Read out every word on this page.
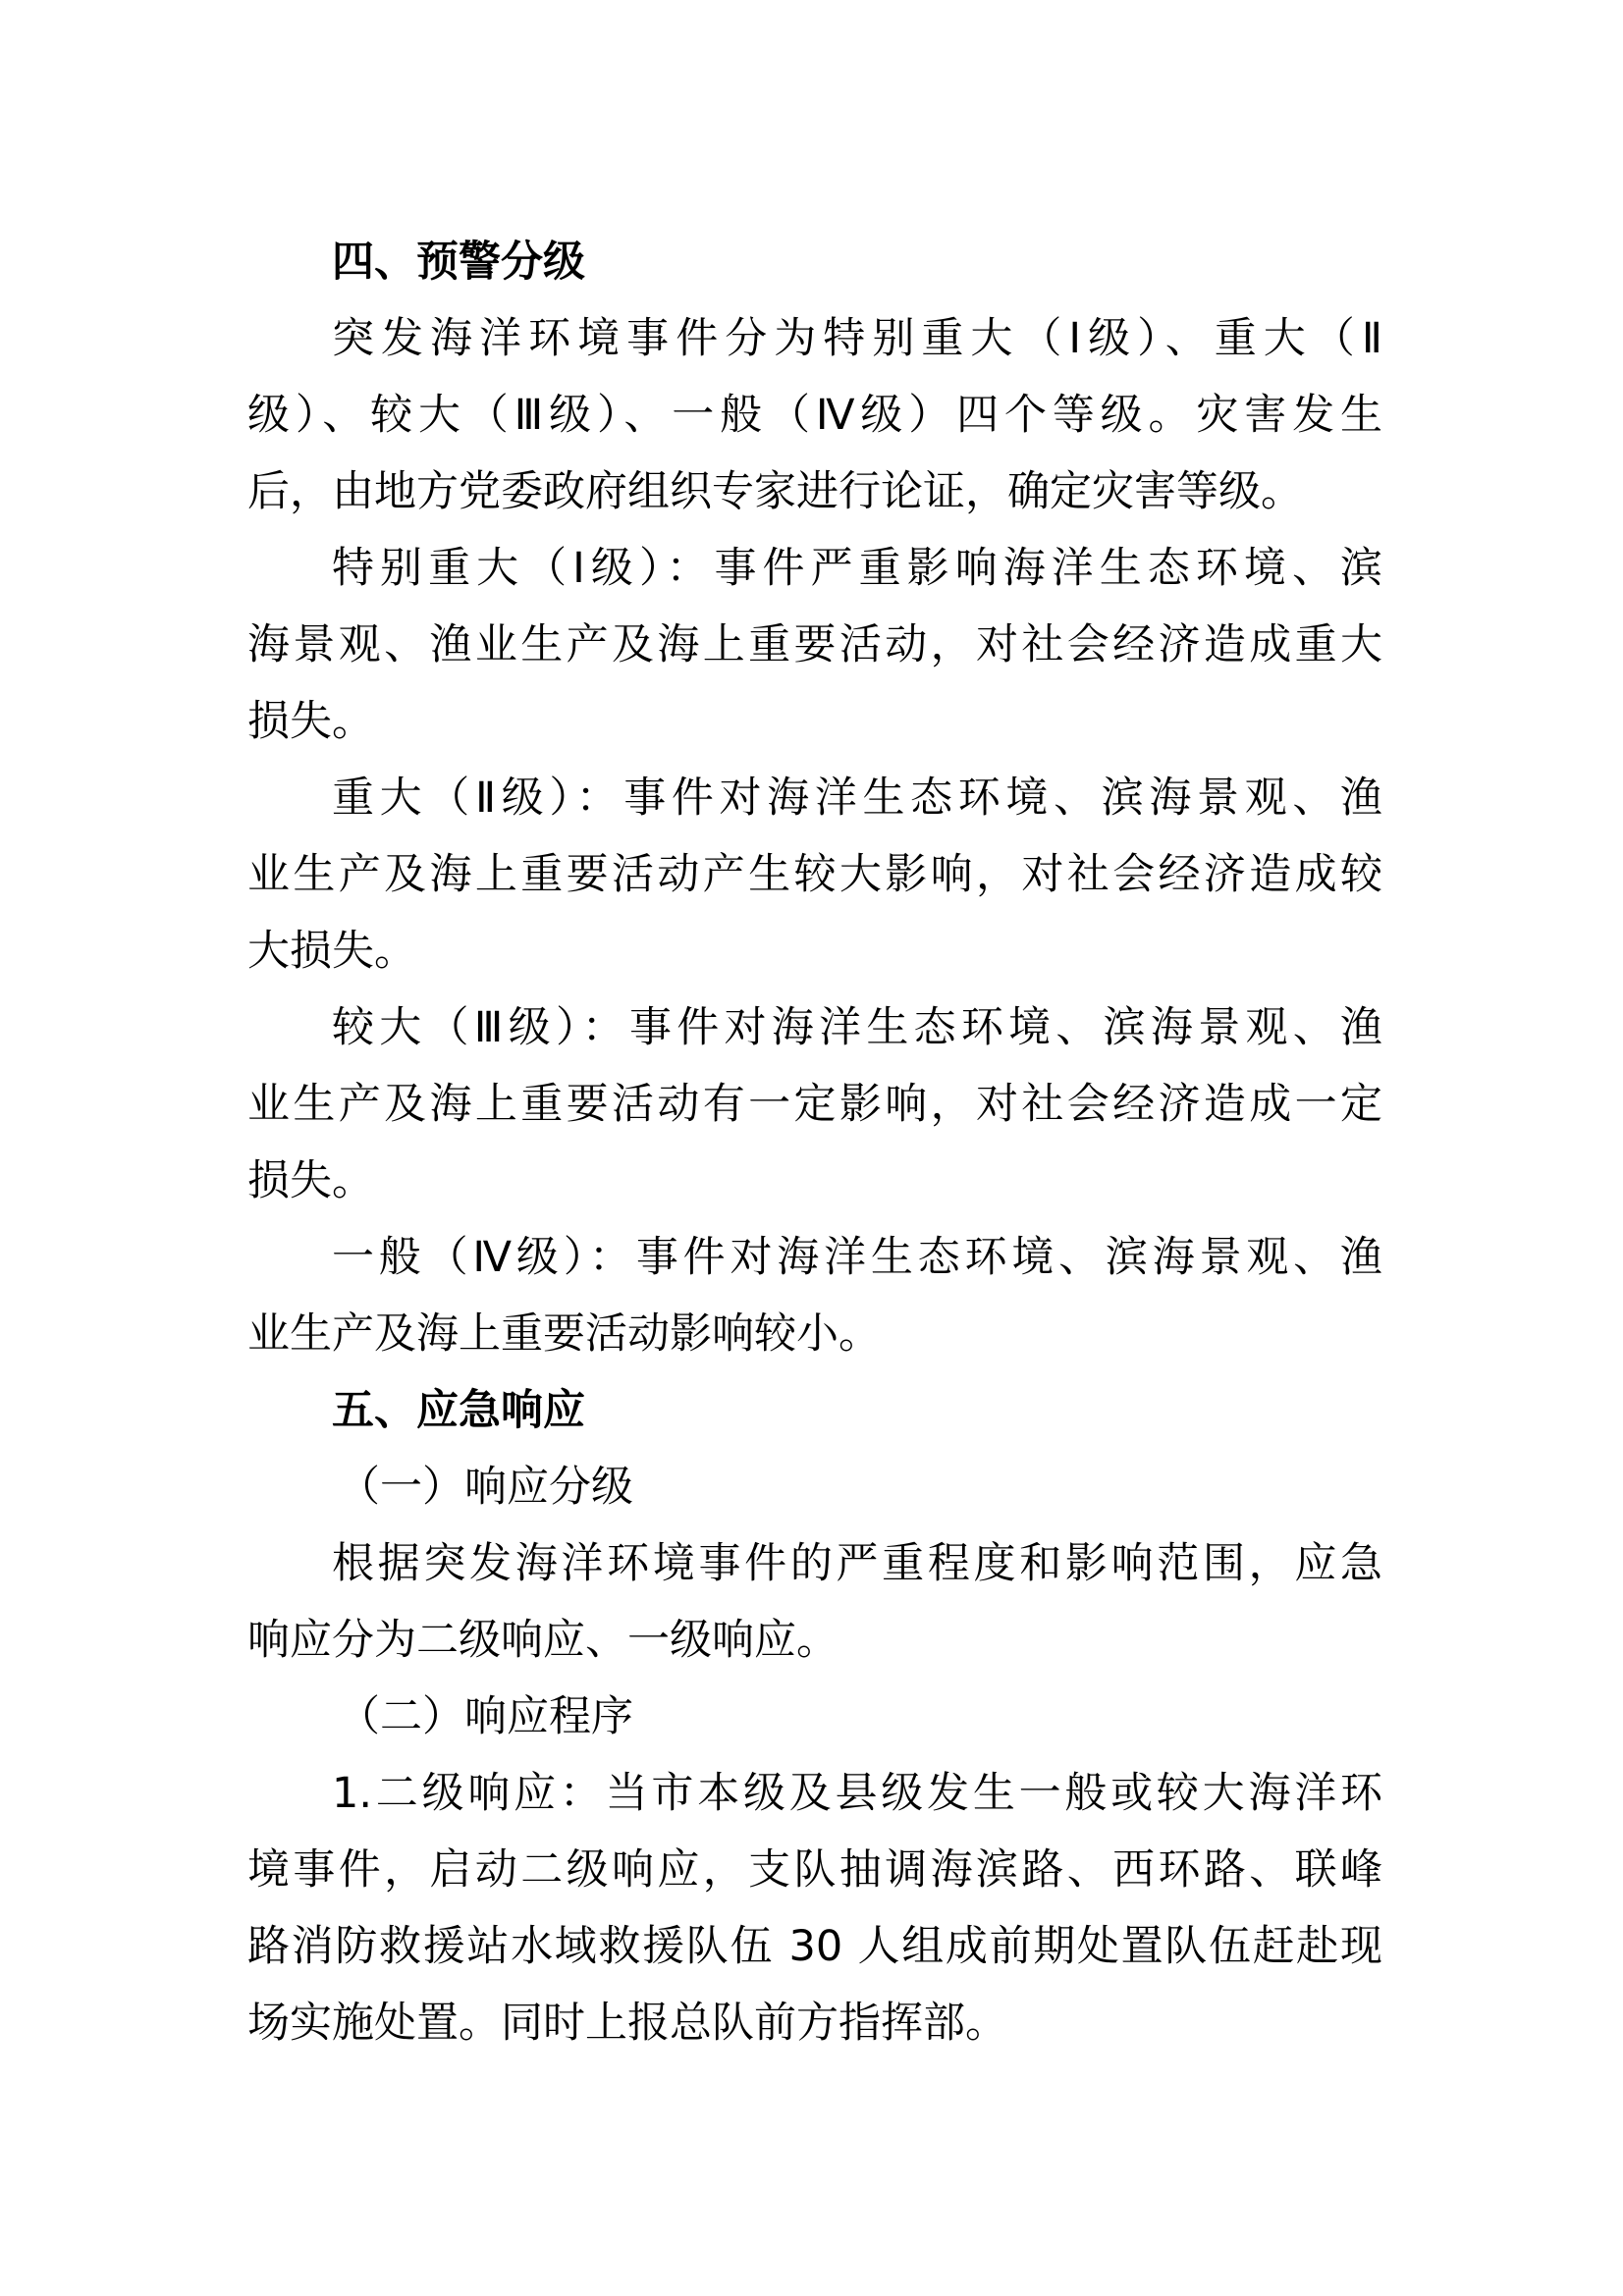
四、预警分级
突发海洋环境事件分为特别重大（Ⅰ级）、重大（Ⅱ
级）、较大（Ⅲ级）、一般（Ⅳ级）四个等级。灾害发生
后，由地方党委政府组织专家进行论证，确定灾害等级。
特别重大（Ⅰ级）：事件严重影响海洋生态环境、滨
海景观、渔业生产及海上重要活动，对社会经济造成重大
损失。
重大（Ⅱ级）：事件对海洋生态环境、滨海景观、渔
业生产及海上重要活动产生较大影响，对社会经济造成较
大损失。
较大（Ⅲ级）：事件对海洋生态环境、滨海景观、渔
业生产及海上重要活动有一定影响，对社会经济造成一定
损失。
一般（Ⅳ级）：事件对海洋生态环境、滨海景观、渔
业生产及海上重要活动影响较小。
五、应急响应
（一）响应分级
根据突发海洋环境事件的严重程度和影响范围，应急
响应分为二级响应、一级响应。
（二）响应程序
1.二级响应：当市本级及县级发生一般或较大海洋环
境事件，启动二级响应，支队抽调海滨路、西环路、联峰
路消防救援站水域救援队伍 30 人组成前期处置队伍赶赴现
场实施处置。同时上报总队前方指挥部。
